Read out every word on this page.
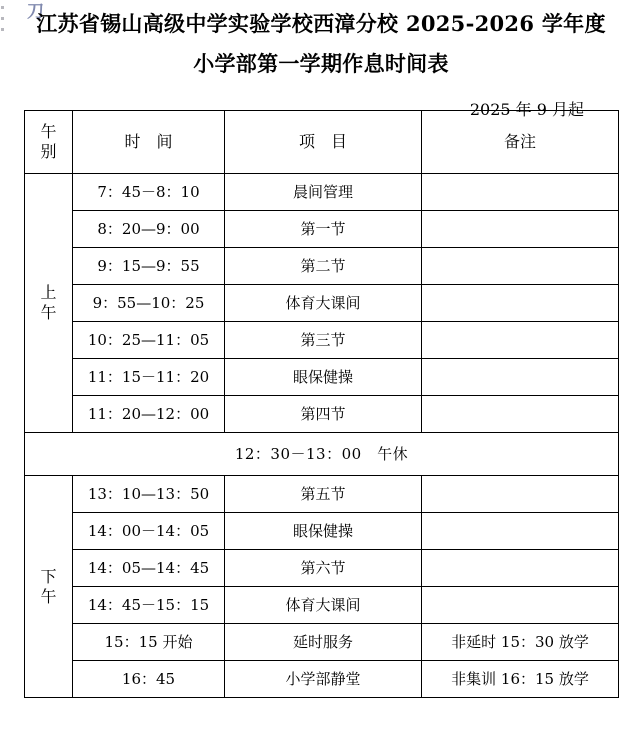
刀
江苏省锡山高级中学实验学校西漳分校 2025-2026 学年度
小学部第一学期作息时间表
2025 年 9 月起
午
别	时　间	项　目	备注

上
午	7：45－8：10	晨间管理	

	8：20—9：00	第一节	

	9：15—9：55	第二节	

	9：55—10：25	体育大课间	

	10：25—11：05	第三节	

	11：15－11：20	眼保健操	

	11：20—12：00	第四节	

12：30－13：00　午休			

下
午	13：10—13：50	第五节	

	14：00－14：05	眼保健操	

	14：05—14：45	第六节	

	14：45－15：15	体育大课间	

	15：15 开始	延时服务	非延时 15：30 放学

	16：45	小学部静堂	非集训 16：15 放学
